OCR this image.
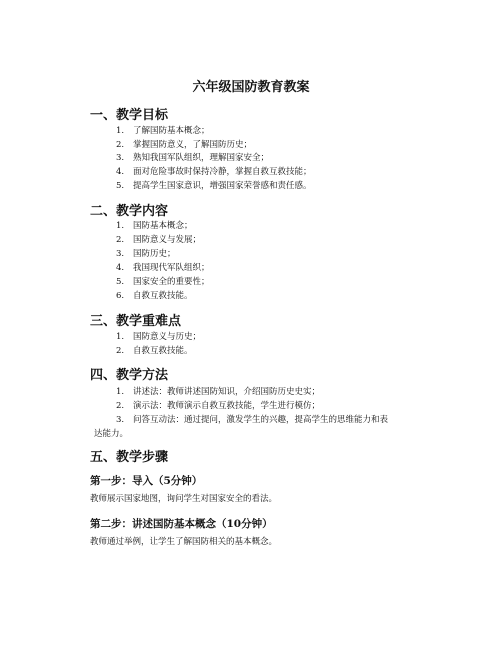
六年级国防教育教案
一、教学目标
1. 了解国防基本概念；
2. 掌握国防意义，了解国防历史；
3. 熟知我国军队组织，理解国家安全；
4. 面对危险事故时保持冷静，掌握自救互救技能；
5. 提高学生国家意识，增强国家荣誉感和责任感。
二、教学内容
1. 国防基本概念；
2. 国防意义与发展；
3. 国防历史；
4. 我国现代军队组织；
5. 国家安全的重要性；
6. 自救互救技能。
三、教学重难点
1. 国防意义与历史；
2. 自救互救技能。
四、教学方法
1. 讲述法：教师讲述国防知识，介绍国防历史史实；
2. 演示法：教师演示自救互救技能，学生进行模仿；
3. 问答互动法：通过提问，激发学生的兴趣，提高学生的思维能力和表
达能力。
五、教学步骤
第一步：导入（5分钟）
教师展示国家地图，询问学生对国家安全的看法。
第二步：讲述国防基本概念（10分钟）
教师通过举例，让学生了解国防相关的基本概念。
